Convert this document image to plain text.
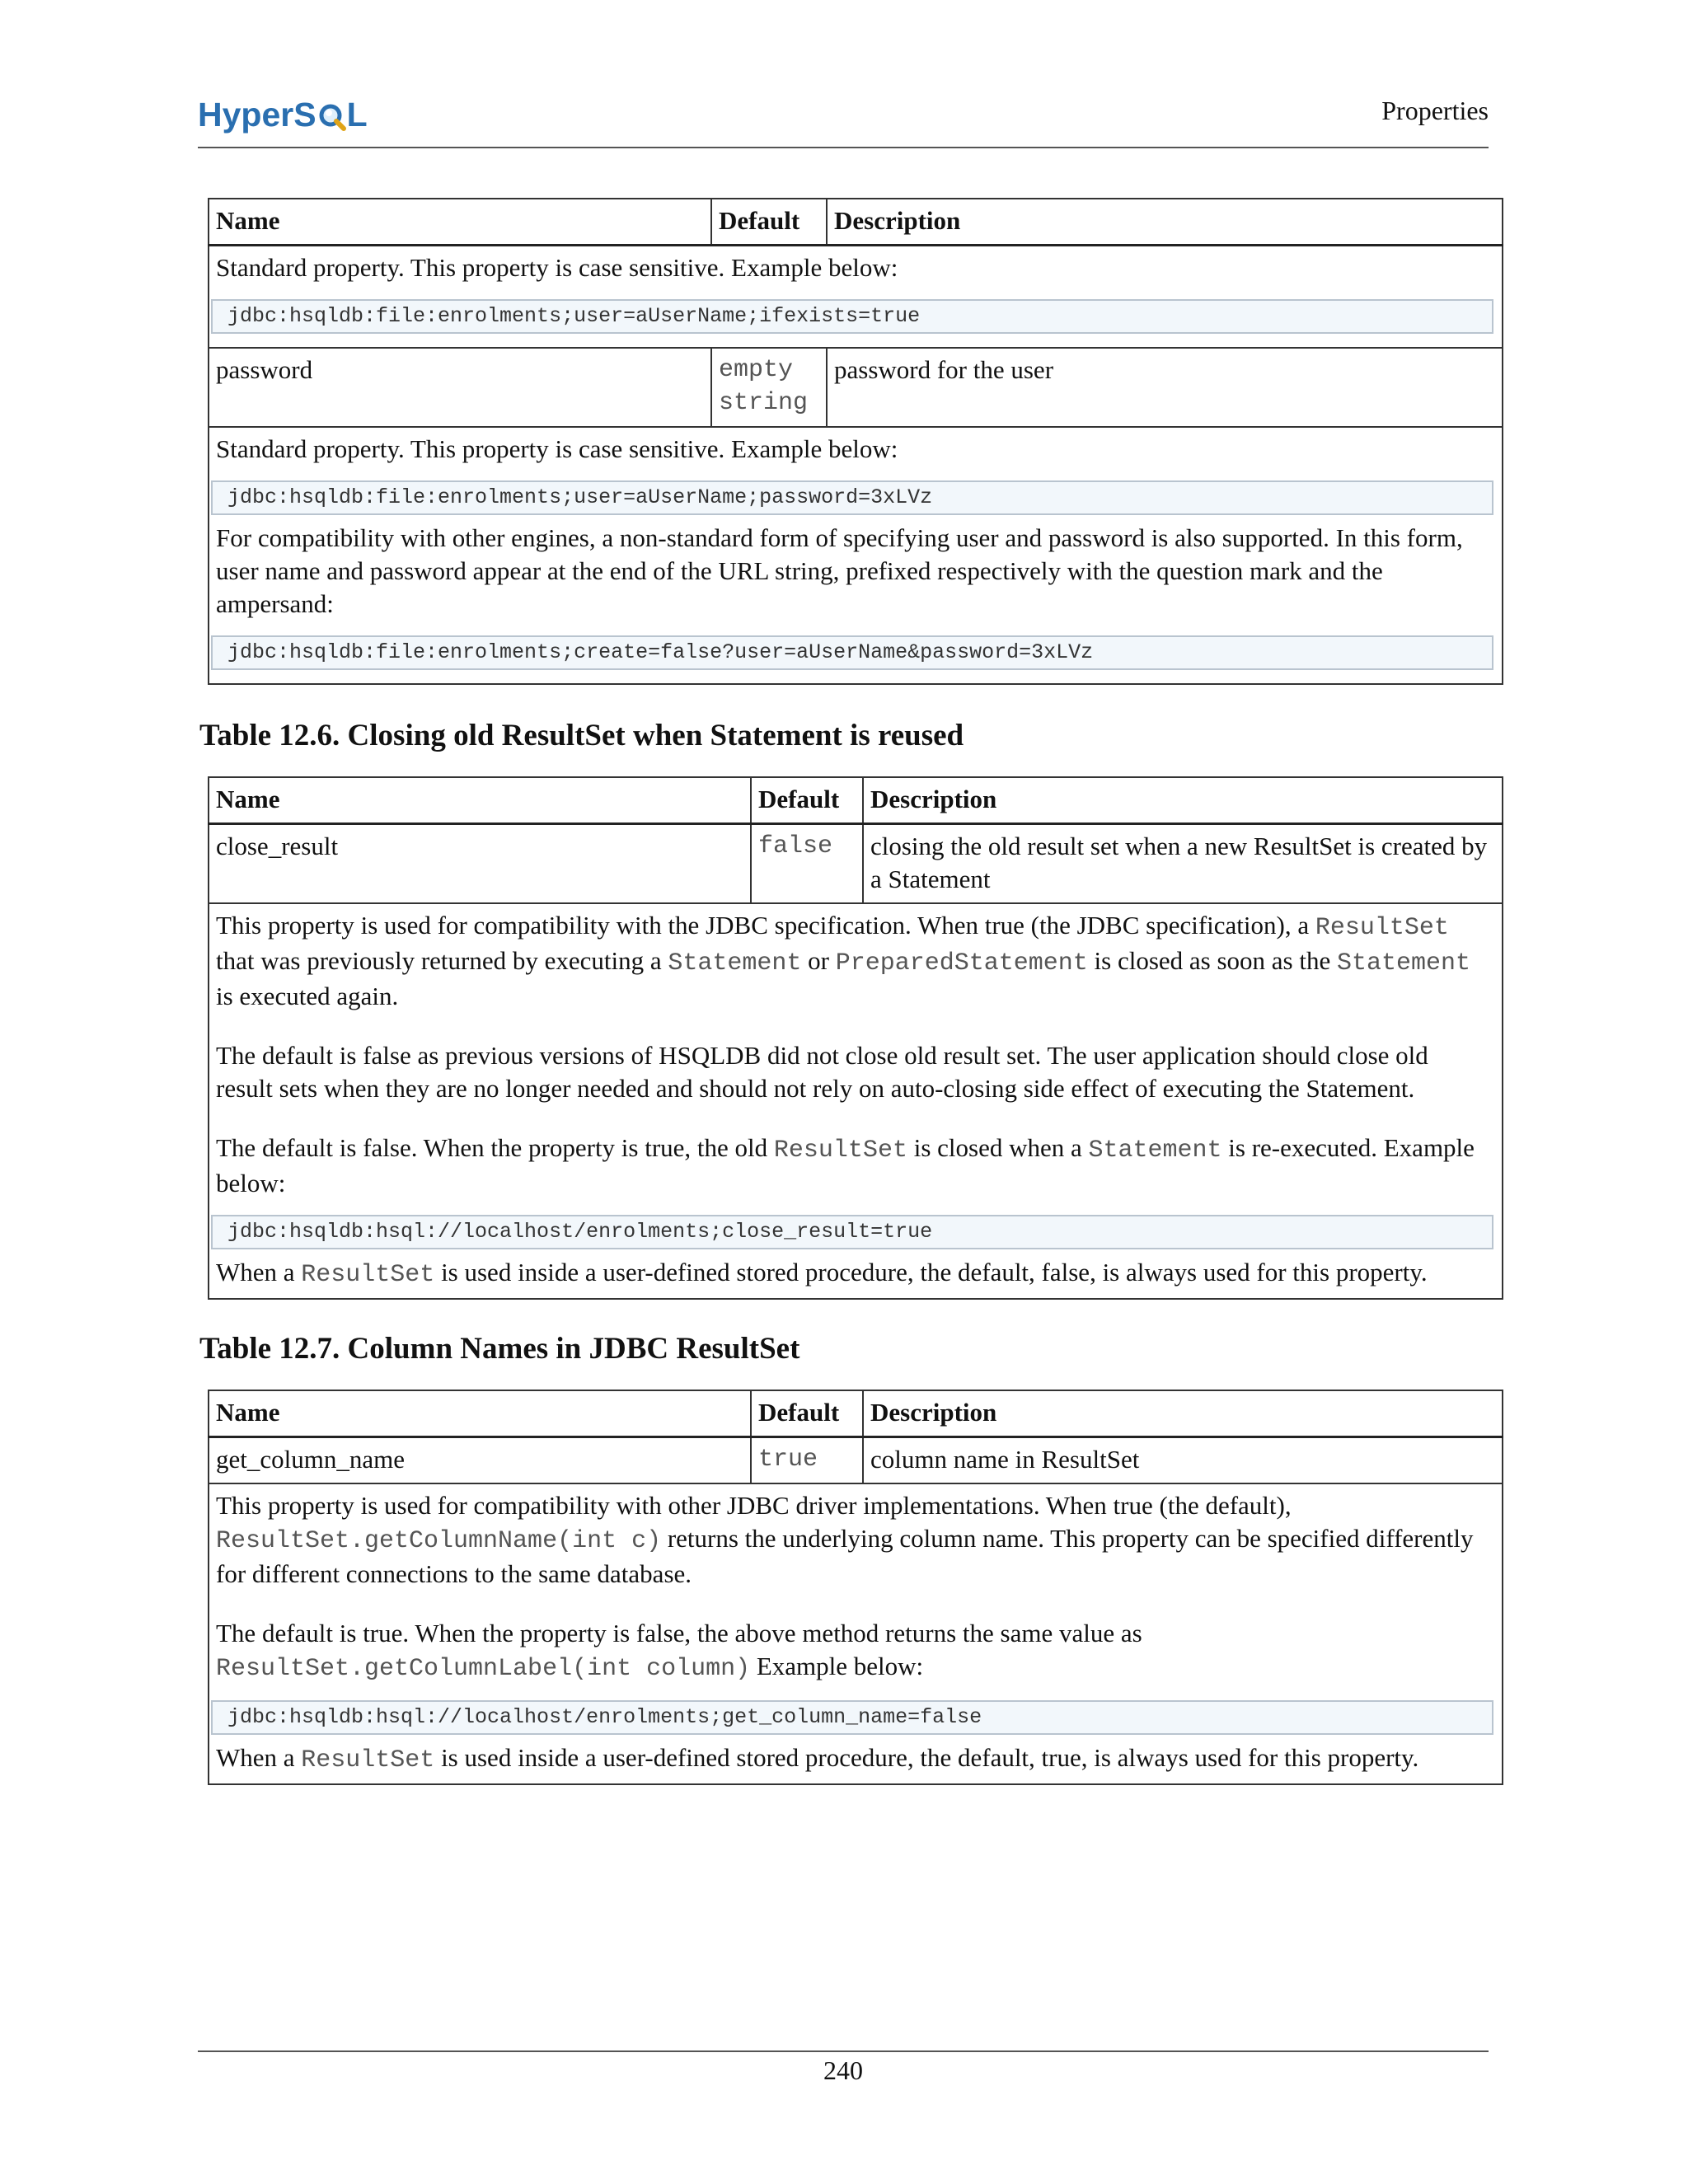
HyperS L	Properties
Name	Default	Description

Standard property. This property is case sensitive. Example below:

jdbc:hsqldb:file:enrolments;user=aUserName;ifexists=true		

password	empty string	password for the user

Standard property. This property is case sensitive. Example below:

jdbc:hsqldb:file:enrolments;user=aUserName;password=3xLVz

For compatibility with other engines, a non-standard form of specifying user and password is also supported. In this form, user name and password appear at the end of the URL string, prefixed respectively with the question mark and the ampersand:

jdbc:hsqldb:file:enrolments;create=false?user=aUserName&password=3xLVz		
Table 12.6. Closing old ResultSet when Statement is reused
Name	Default	Description
close_result	false	closing the old result set when a new ResultSet is created by a Statement

This property is used for compatibility with the JDBC specification. When true (the JDBC specification), a ResultSet that was previously returned by executing a Statement or PreparedStatement is closed as soon as the Statement is executed again.

The default is false as previous versions of HSQLDB did not close old result set. The user application should close old result sets when they are no longer needed and should not rely on auto-closing side effect of executing the Statement.

The default is false. When the property is true, the old ResultSet is closed when a Statement is re-executed. Example below:

jdbc:hsqldb:hsql://localhost/enrolments;close_result=true

When a ResultSet is used inside a user-defined stored procedure, the default, false, is always used for this property.		

Table 12.7. Column Names in JDBC ResultSet
Name	Default	Description
get_column_name	true	column name in ResultSet

This property is used for compatibility with other JDBC driver implementations. When true (the default), ResultSet.getColumnName(int c) returns the underlying column name. This property can be specified differently for different connections to the same database.

The default is true. When the property is false, the above method returns the same value as ResultSet.getColumnLabel(int column) Example below:

jdbc:hsqldb:hsql://localhost/enrolments;get_column_name=false

When a ResultSet is used inside a user-defined stored procedure, the default, true, is always used for this property.		

240
